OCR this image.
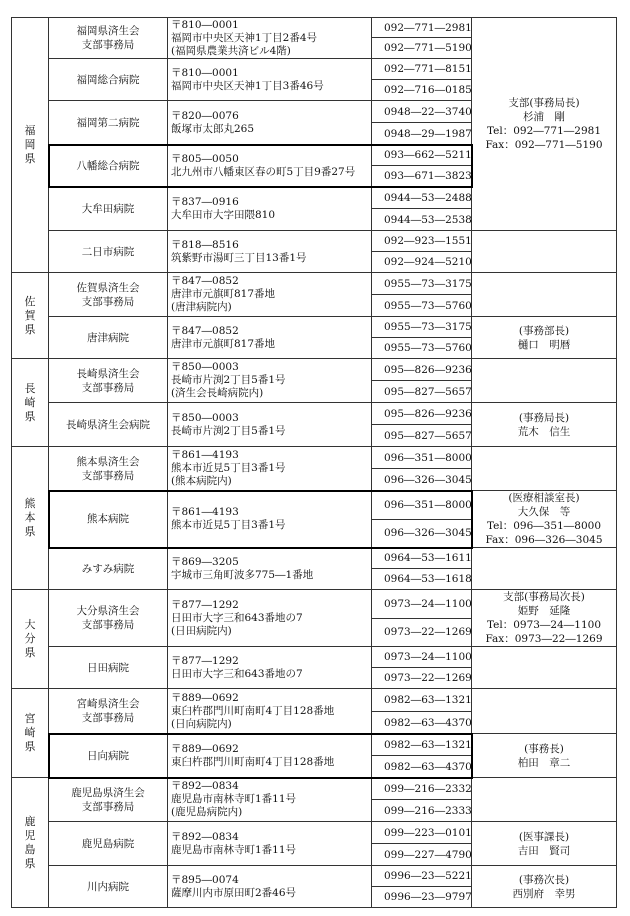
福岡県	福岡県済生会
支部事務局	〒810―0001
福岡市中央区天神1丁目2番4号
(福岡県農業共済ビル4階)	092―771―2981	支部(事務局長)
杉浦　剛
Tel：092―771―2981
Fax：092―771―5190

			092―771―5190	

	福岡総合病院	〒810―0001
福岡市中央区天神1丁目3番46号	092―771―8151	
			092―716―0185	

	福岡第二病院	〒820―0076
飯塚市太郎丸265	0948―22―3740	
			0948―29―1987	

	八幡総合病院	〒805―0050
北九州市八幡東区春の町5丁目9番27号	093―662―5211	
			093―671―3823	

	大牟田病院	〒837―0916
大牟田市大字田隈810	0944―53―2488	
			0944―53―2538	

	二日市病院	〒818―8516
筑紫野市湯町三丁目13番1号	092―923―1551	
			092―924―5210	
佐賀県	佐賀県済生会
支部事務局	〒847―0852
唐津市元旗町817番地
(唐津病院内)	0955―73―3175	
			0955―73―5760	

	唐津病院	〒847―0852
唐津市元旗町817番地	0955―73―3175	(事務部長)
樋口　明暦

			0955―73―5760	
長崎県	長崎県済生会
支部事務局	〒850―0003
長崎市片渕2丁目5番1号
(済生会長崎病院内)	095―826―9236	
			095―827―5657	

	長崎県済生会病院	〒850―0003
長崎市片渕2丁目5番1号	095―826―9236	(事務局長)
荒木　信生

			095―827―5657	
熊本県	熊本県済生会
支部事務局	〒861―4193
熊本市近見5丁目3番1号
(熊本病院内)	096―351―8000	
			096―326―3045	

	熊本病院	〒861―4193
熊本市近見5丁目3番1号	096―351―8000	(医療相談室長)
大久保　等
Tel：096―351―8000
Fax：096―326―3045

			096―326―3045	

	みすみ病院	〒869―3205
宇城市三角町波多775―1番地	0964―53―1611	
			0964―53―1618	
大分県	大分県済生会
支部事務局	〒877―1292
日田市大字三和643番地の7
(日田病院内)	0973―24―1100	支部(事務局次長)
姫野　延隆
Tel：0973―24―1100
Fax：0973―22―1269

			0973―22―1269	

	日田病院	〒877―1292
日田市大字三和643番地の7	0973―24―1100	
			0973―22―1269	
宮崎県	宮崎県済生会
支部事務局	〒889―0692
東臼杵郡門川町南町4丁目128番地
(日向病院内)	0982―63―1321	
			0982―63―4370	

	日向病院	〒889―0692
東臼杵郡門川町南町4丁目128番地	0982―63―1321	(事務長)
柏田　章二

			0982―63―4370	
鹿児島県	鹿児島県済生会
支部事務局	〒892―0834
鹿児島市南林寺町1番11号
(鹿児島病院内)	099―216―2332	

			099―216―2333	

	鹿児島病院	〒892―0834
鹿児島市南林寺町1番11号	099―223―0101	(医事課長)
吉田　賢司

			099―227―4790	

	川内病院	〒895―0074
薩摩川内市原田町2番46号	0996―23―5221	(事務次長)
西別府　幸男

			0996―23―9797	
